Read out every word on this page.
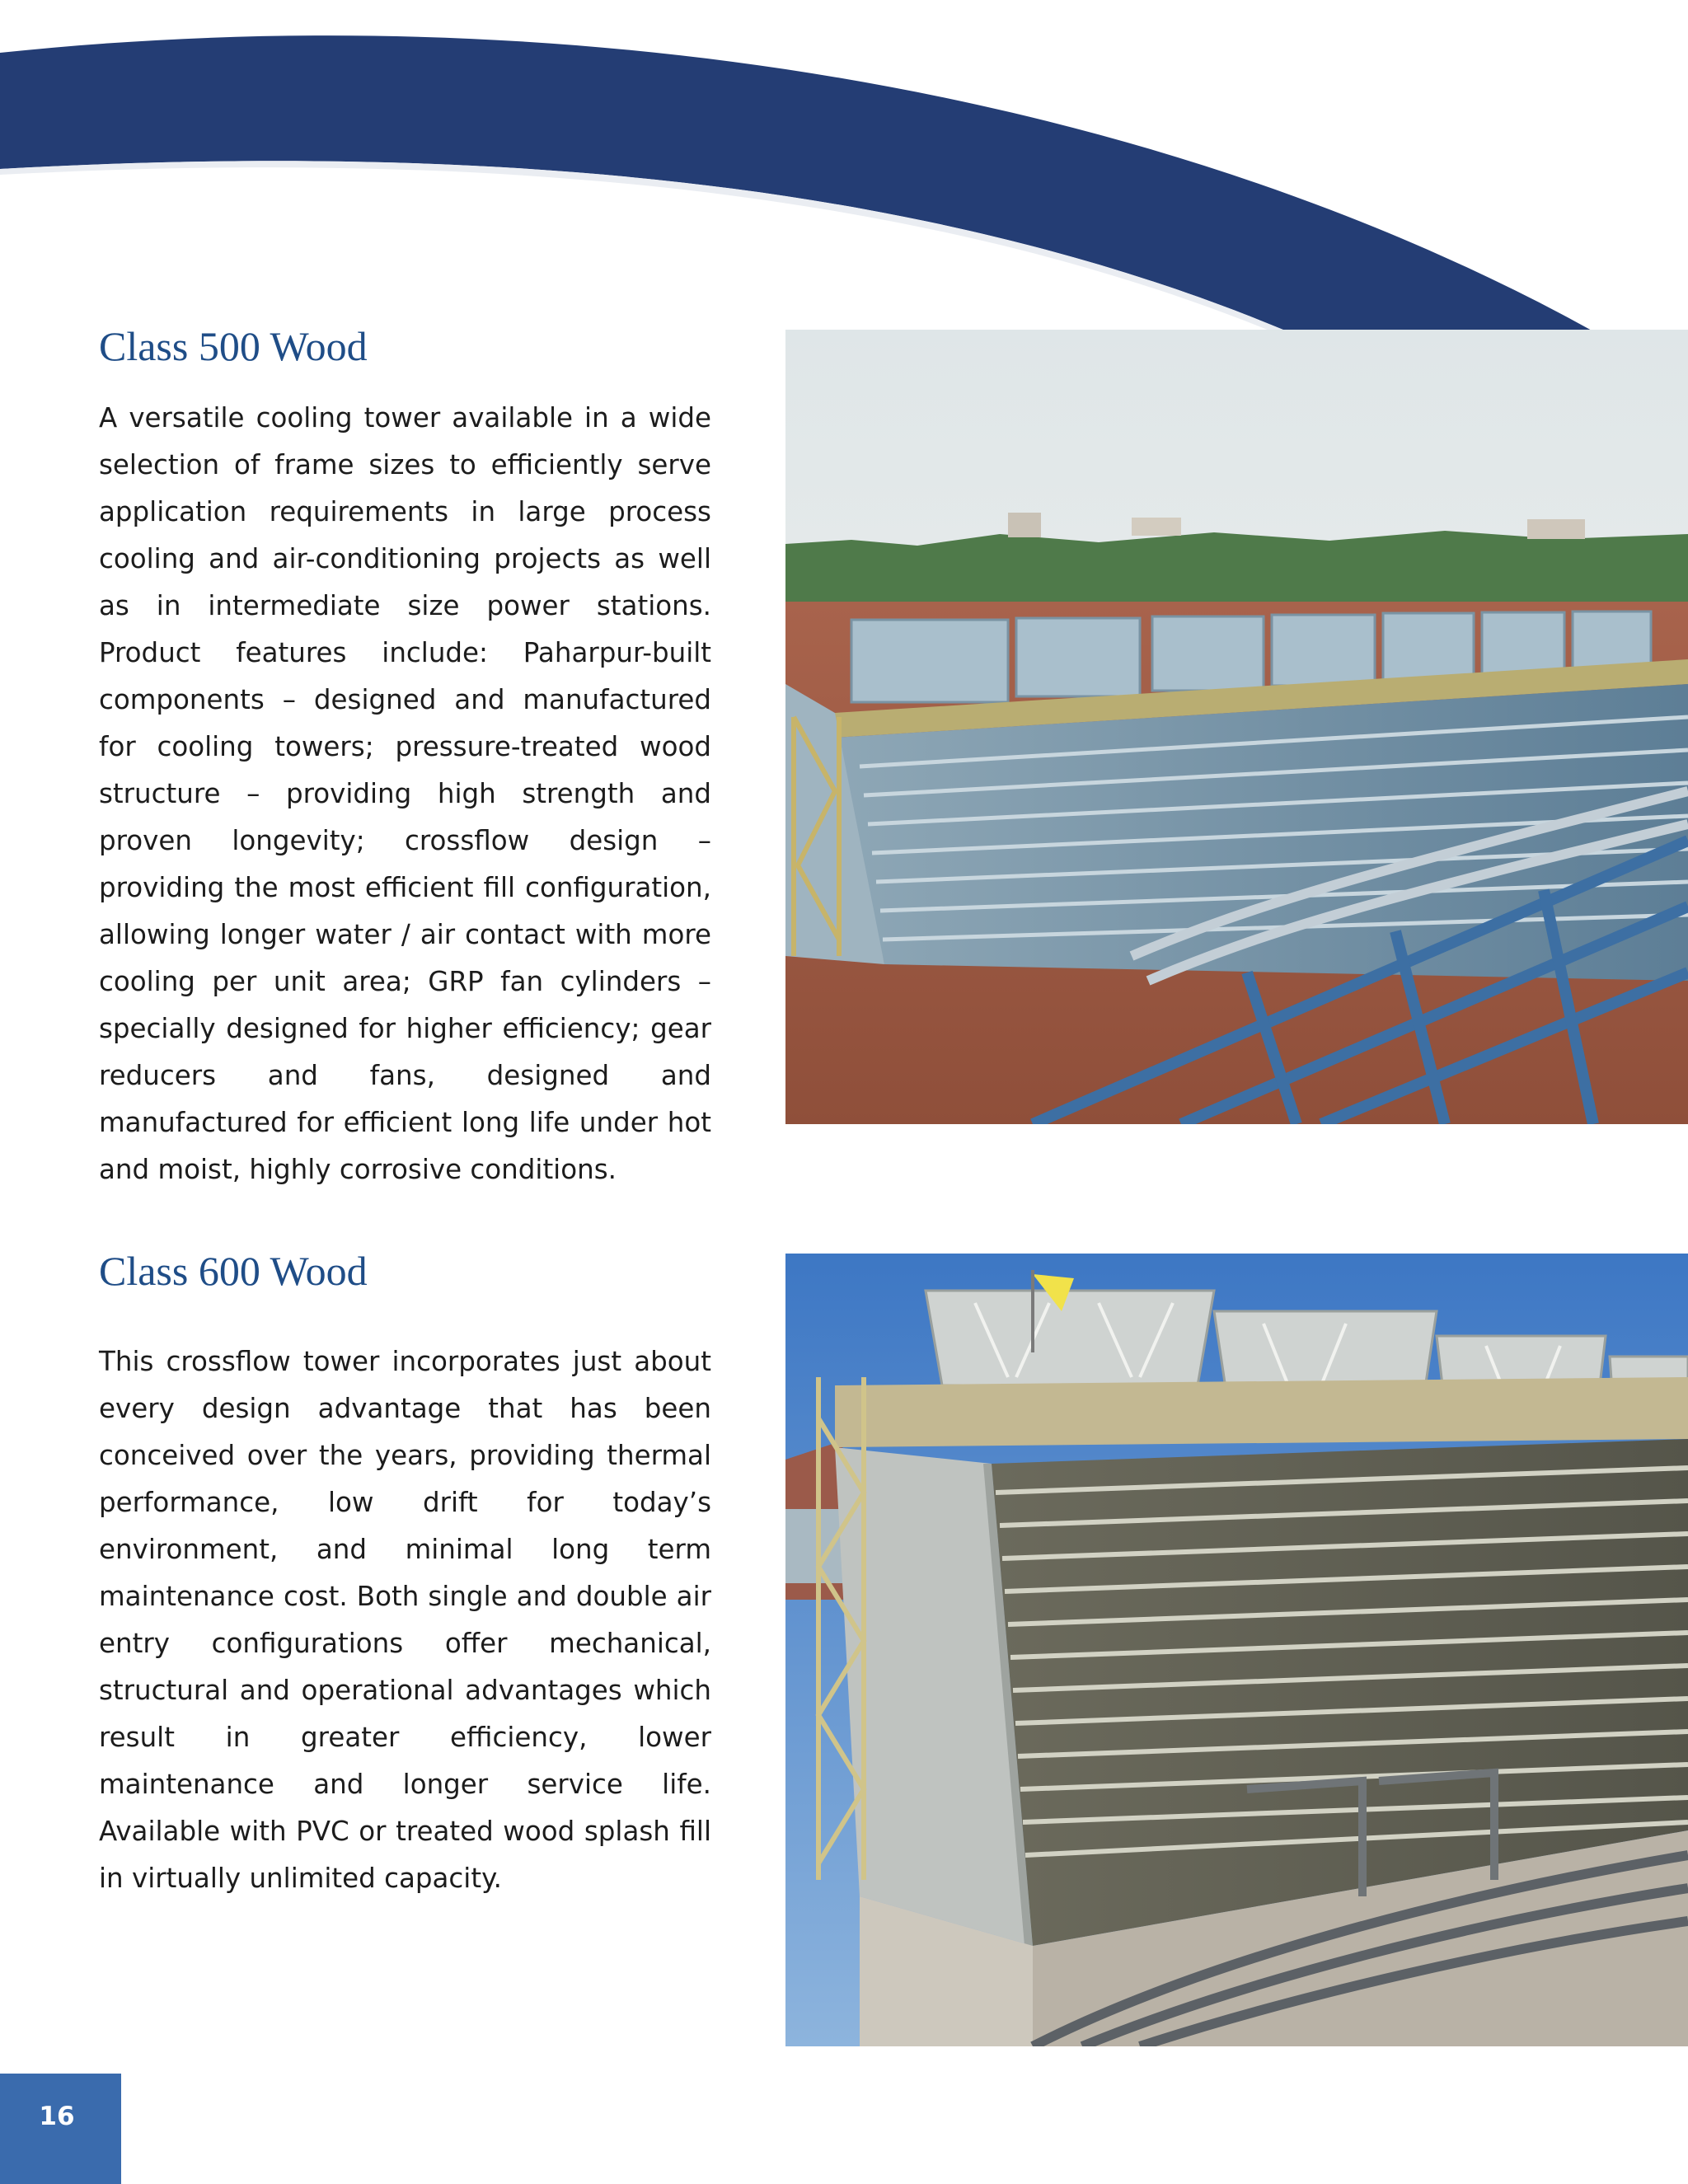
Class 500 Wood

A versatile cooling tower available in a wide selection of frame sizes to efficiently serve application requirements in large process cooling and air-conditioning projects as well as in intermediate size power stations. Product features include: Paharpur-built components – designed and manufactured for cooling towers; pressure-treated wood structure – providing high strength and proven longevity; crossflow design – providing the most efficient fill configuration, allowing longer water / air contact with more cooling per unit area; GRP fan cylinders – specially designed for higher efficiency; gear reducers and fans, designed and manufactured for efficient long life under hot and moist, highly corrosive conditions.

Class 600 Wood

This crossflow tower incorporates just about every design advantage that has been conceived over the years, providing thermal performance, low drift for today’s environment, and minimal long term maintenance cost. Both single and double air entry configurations offer mechanical, structural and operational advantages which result in greater efficiency, lower maintenance and longer service life. Available with PVC or treated wood splash fill in virtually unlimited capacity.

16
